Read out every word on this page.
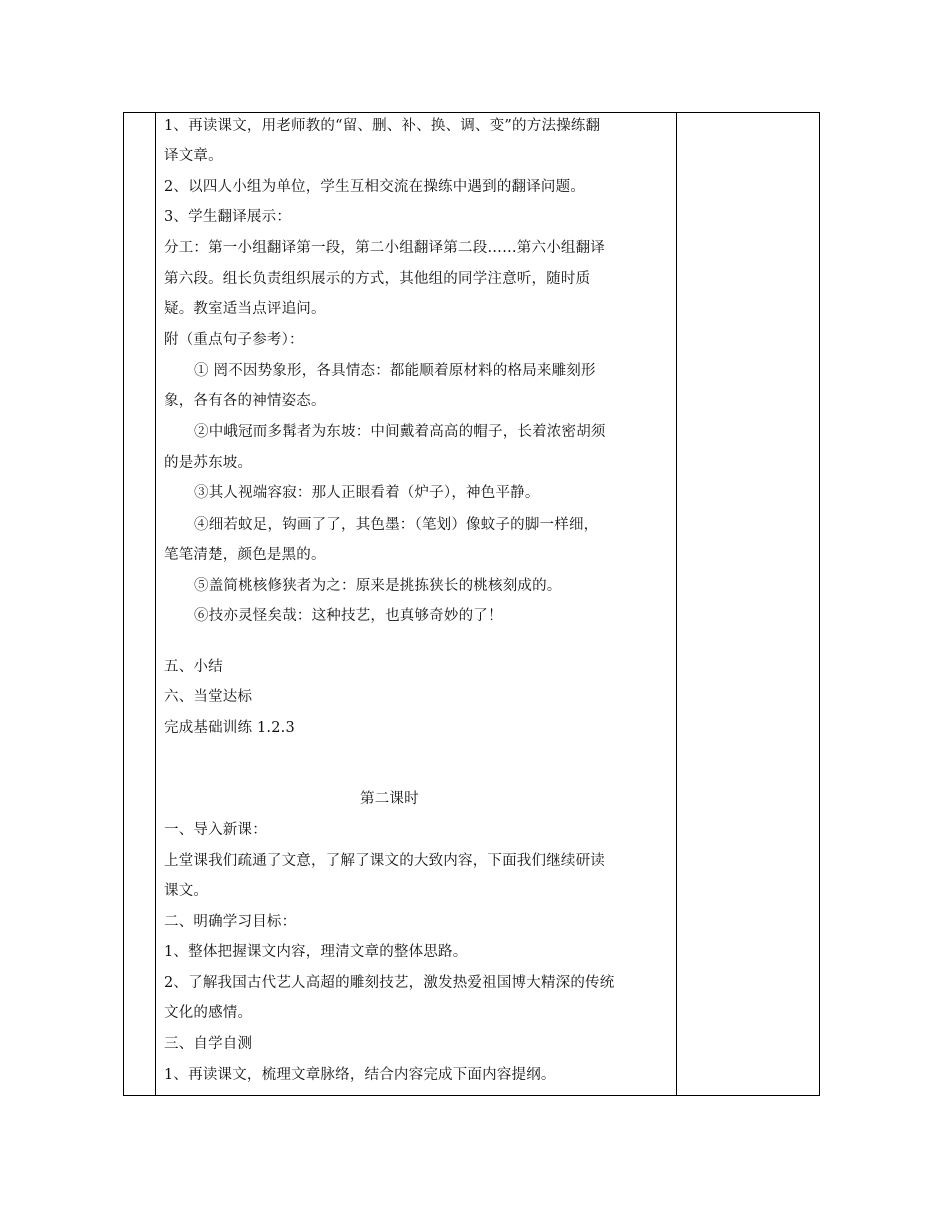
1、再读课文，用老师教的“留、删、补、换、调、变”的方法操练翻
译文章。
2、以四人小组为单位，学生互相交流在操练中遇到的翻译问题。
3、学生翻译展示：
分工：第一小组翻译第一段，第二小组翻译第二段……第六小组翻译
第六段。组长负责组织展示的方式，其他组的同学注意听，随时质
疑。教室适当点评追问。
附（重点句子参考）：
① 罔不因势象形，各具情态：都能顺着原材料的格局来雕刻形
象，各有各的神情姿态。
②中峨冠而多髯者为东坡：中间戴着高高的帽子，长着浓密胡须
的是苏东坡。
③其人视端容寂：那人正眼看着（炉子），神色平静。
④细若蚊足，钩画了了，其色墨：（笔划）像蚊子的脚一样细，
笔笔清楚，颜色是黑的。
⑤盖简桃核修狭者为之：原来是挑拣狭长的桃核刻成的。
⑥技亦灵怪矣哉：这种技艺，也真够奇妙的了！
五、小结
六、当堂达标
完成基础训练 1.2.3
第二课时
一、导入新课：
上堂课我们疏通了文意，了解了课文的大致内容，下面我们继续研读
课文。
二、明确学习目标：
1、整体把握课文内容，理清文章的整体思路。
2、了解我国古代艺人高超的雕刻技艺，激发热爱祖国博大精深的传统
文化的感情。
三、自学自测
1、再读课文，梳理文章脉络，结合内容完成下面内容提纲。
